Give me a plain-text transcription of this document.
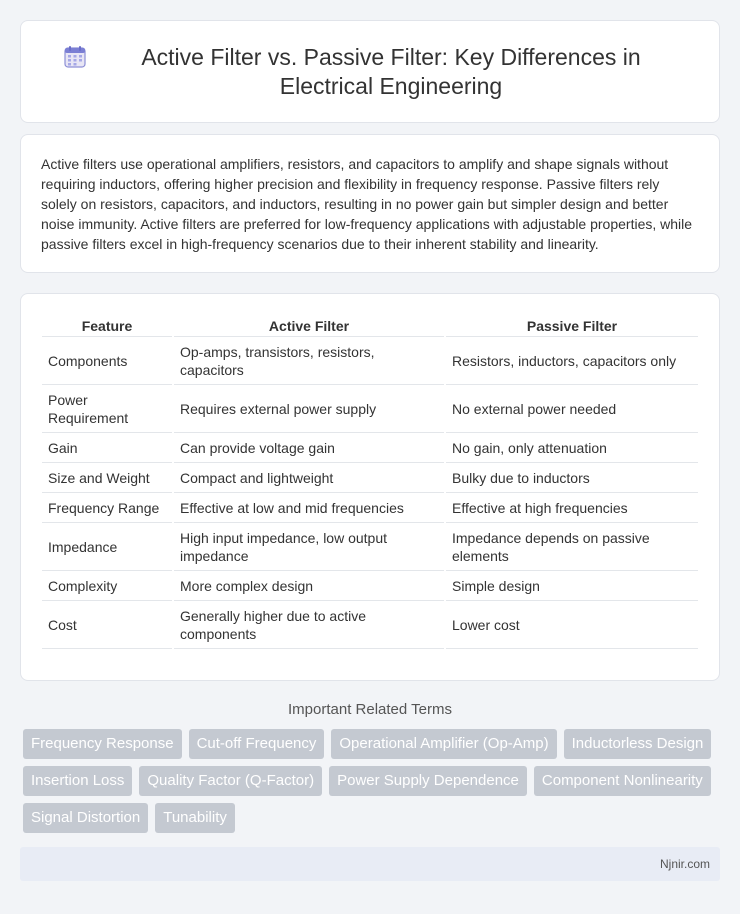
Active Filter vs. Passive Filter: Key Differences in Electrical Engineering

Active filters use operational amplifiers, resistors, and capacitors to amplify and shape signals without requiring inductors, offering higher precision and flexibility in frequency response. Passive filters rely solely on resistors, capacitors, and inductors, resulting in no power gain but simpler design and better noise immunity. Active filters are preferred for low-frequency applications with adjustable properties, while passive filters excel in high-frequency scenarios due to their inherent stability and linearity.

Feature	Active Filter	Passive Filter
Components	Op-amps, transistors, resistors, capacitors	Resistors, inductors, capacitors only
Power Requirement	Requires external power supply	No external power needed
Gain	Can provide voltage gain	No gain, only attenuation
Size and Weight	Compact and lightweight	Bulky due to inductors
Frequency Range	Effective at low and mid frequencies	Effective at high frequencies
Impedance	High input impedance, low output impedance	Impedance depends on passive elements
Complexity	More complex design	Simple design
Cost	Generally higher due to active components	Lower cost
Important Related Terms
Frequency Response	Cut-off Frequency	Operational Amplifier (Op-Amp)	Inductorless Design
Insertion Loss	Quality Factor (Q-Factor)	Power Supply Dependence	Component Nonlinearity
Signal Distortion	Tunability
Njnir.com
